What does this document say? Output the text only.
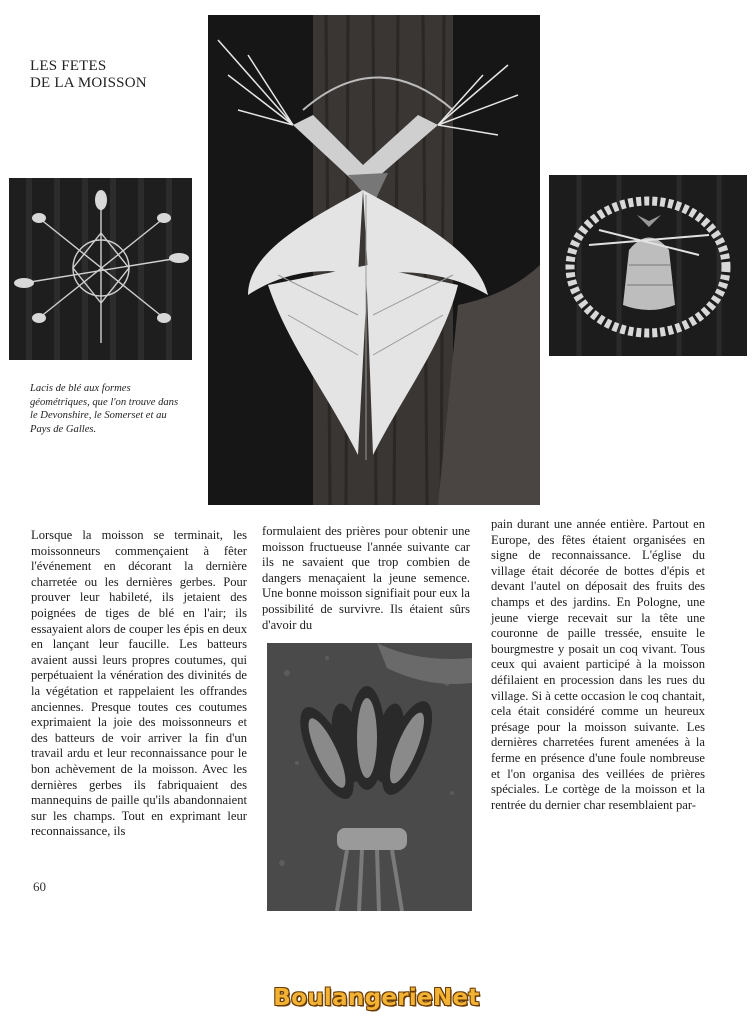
LES FETES
DE LA MOISSON
Lacis de blé aux formes géométriques, que l'on trouve dans le Devonshire, le Somerset et au Pays de Galles.
Lorsque la moisson se terminait, les moissonneurs commençaient à fêter l'événement en décorant la dernière charretée ou les dernières gerbes. Pour prouver leur habileté, ils jetaient des poignées de tiges de blé en l'air; ils essayaient alors de couper les épis en deux en lançant leur faucille. Les batteurs avaient aussi leurs propres coutumes, qui perpétuaient la vénération des divinités de la végétation et rappelaient les offrandes anciennes. Presque toutes ces coutumes exprimaient la joie des moissonneurs et des batteurs de voir arriver la fin d'un travail ardu et leur reconnaissance pour le bon achèvement de la moisson. Avec les dernières gerbes ils fabriquaient des mannequins de paille qu'ils abandonnaient sur les champs. Tout en exprimant leur reconnaissance, ils
formulaient des prières pour obtenir une moisson fructueuse l'année suivante car ils ne savaient que trop combien de dangers menaçaient la jeune semence. Une bonne moisson signifiait pour eux la possibilité de survivre. Ils étaient sûrs d'avoir du
pain durant une année entière. Partout en Europe, des fêtes étaient organisées en signe de reconnaissance. L'église du village était décorée de bottes d'épis et devant l'autel on déposait des fruits des champs et des jardins. En Pologne, une jeune vierge recevait sur la tête une couronne de paille tressée, ensuite le bourgmestre y posait un coq vivant. Tous ceux qui avaient participé à la moisson défilaient en procession dans les rues du village. Si à cette occasion le coq chantait, cela était considéré comme un heureux présage pour la moisson suivante. Les dernières charretées furent amenées à la ferme en présence d'une foule nombreuse et l'on organisa des veillées de prières spéciales. Le cortège de la moisson et la rentrée du dernier char resemblaient par-
60
BoulangerieNet
